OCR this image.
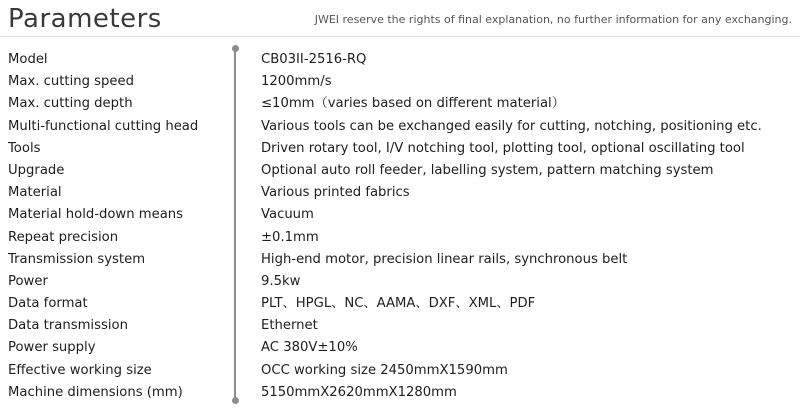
Parameters	JWEI reserve the rights of final explanation, no further information for any exchanging.
Model	CB03II-2516-RQ
Max. cutting speed	1200mm/s
Max. cutting depth	≤10mm（varies based on different material）
Multi-functional cutting head	Various tools can be exchanged easily for cutting, notching, positioning etc.
Tools	Driven rotary tool, I/V notching tool, plotting tool, optional oscillating tool
Upgrade	Optional auto roll feeder, labelling system, pattern matching system
Material	Various printed fabrics
Material hold-down means	Vacuum
Repeat precision	±0.1mm
Transmission system	High-end motor, precision linear rails, synchronous belt
Power	9.5kw
Data format	PLT、HPGL、NC、AAMA、DXF、XML、PDF
Data transmission	Ethernet
Power supply	AC 380V±10%
Effective working size	OCC working size 2450mmX1590mm
Machine dimensions (mm)	5150mmX2620mmX1280mm
